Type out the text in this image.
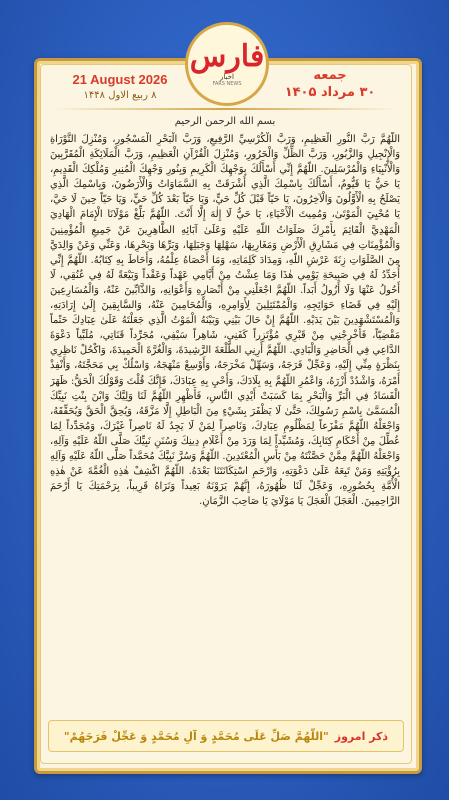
فارس
اخبار
FARS NEWS
21 August 2026
۸ ربیع الاول ۱۴۴۸
جمعه
۳۰ مرداد ۱۴۰۵
بسم الله الرحمن الرحیم
اللّهُمَّ رَبَّ النُّورِ الْعَظِيمِ، وَرَبَّ الْكُرْسِيِّ الرَّفِيعِ، وَرَبَّ الْبَحْرِ الْمَسْجُورِ، وَمُنْزِلَ التَّوْرَاةِ وَالْإِنْجِيلِ وَالزَّبُورِ، وَرَبَّ الظِّلِّ وَالْحَرُورِ، وَمُنْزِلَ الْقُرْآنِ الْعَظِيمِ، وَرَبَّ الْمَلَائِكَةِ الْمُقَرَّبِينَ وَالْأَنْبِيَاءِ وَالْمُرْسَلِينَ. اللّهُمَّ إِنِّي أَسْأَلُكَ بِوَجْهِكَ الْكَرِيمِ وَبِنُورِ وَجْهِكَ الْمُنِيرِ وَمُلْكِكَ الْقَدِيمِ، يَا حَيُّ يَا قَيُّومُ، أَسْأَلُكَ بِاسْمِكَ الَّذِي أَشْرَقَتْ بِهِ السَّمَاوَاتُ وَالْأَرَضُونَ، وَبِاسْمِكَ الَّذِي يَصْلَحُ بِهِ الْأَوَّلُونَ وَالْآخِرُونَ، يَا حَيّاً قَبْلَ كُلِّ حَيٍّ، وَيَا حَيّاً بَعْدَ كُلِّ حَيٍّ، وَيَا حَيّاً حِينَ لَا حَيَّ، يَا مُحْيِيَ الْمَوْتَىٰ، وَمُمِيتَ الْأَحْيَاءِ، يَا حَيُّ لَا إِلٰهَ إِلَّا أَنْتَ. اللّهُمَّ بَلِّغْ مَوْلَانَا الْإِمَامَ الْهَادِيَ الْمَهْدِيَّ الْقَائِمَ بِأَمْرِكَ صَلَوَاتُ اللّهِ عَلَيْهِ وَعَلَىٰ آبَائِهِ الطَّاهِرِينَ عَنْ جَمِيعِ الْمُؤْمِنِينَ وَالْمُؤْمِنَاتِ فِي مَشَارِقِ الْأَرْضِ وَمَغَارِبِهَا، سَهْلِهَا وَجَبَلِهَا، وَبَرِّهَا وَبَحْرِهَا، وَعَنِّي وَعَنْ وَالِدَيَّ مِنَ الصَّلَوَاتِ زِنَةَ عَرْشِ اللّهِ، وَمِدَادَ كَلِمَاتِهِ، وَمَا أَحْصَاهُ عِلْمُهُ، وَأَحَاطَ بِهِ كِتَابُهُ. اللّهُمَّ إِنِّي أُجَدِّدُ لَهُ فِي صَبِيحَةِ يَوْمِي هٰذَا وَمَا عِشْتُ مِنْ أَيَّامِي عَهْداً وَعَقْداً وَبَيْعَةً لَهُ فِي عُنُقِي، لَا أَحُولُ عَنْهَا وَلَا أَزُولُ أَبَداً. اللّهُمَّ اجْعَلْنِي مِنْ أَنْصَارِهِ وَأَعْوَانِهِ، وَالذَّابِّينَ عَنْهُ، وَالْمُسَارِعِينَ إِلَيْهِ فِي قَضَاءِ حَوَائِجِهِ، وَالْمُمْتَثِلِينَ لِأَوَامِرِهِ، وَالْمُحَامِينَ عَنْهُ، وَالسَّابِقِينَ إِلَىٰ إِرَادَتِهِ، وَالْمُسْتَشْهَدِينَ بَيْنَ يَدَيْهِ. اللّهُمَّ إِنْ حَالَ بَيْنِي وَبَيْنَهُ الْمَوْتُ الَّذِي جَعَلْتَهُ عَلَىٰ عِبَادِكَ حَتْماً مَقْضِيّاً، فَأَخْرِجْنِي مِنْ قَبْرِي مُؤْتَزِراً كَفَنِي، شَاهِراً سَيْفِي، مُجَرِّداً قَنَاتِي، مُلَبِّياً دَعْوَةَ الدَّاعِي فِي الْحَاضِرِ وَالْبَادِي. اللّهُمَّ أَرِنِي الطَّلْعَةَ الرَّشِيدَةَ، وَالْغُرَّةَ الْحَمِيدَةَ، وَاكْحُلْ نَاظِرِي بِنَظْرَةٍ مِنِّي إِلَيْهِ، وَعَجِّلْ فَرَجَهُ، وَسَهِّلْ مَخْرَجَهُ، وَأَوْسِعْ مَنْهَجَهُ، وَاسْلُكْ بِي مَحَجَّتَهُ، وَأَنْفِذْ أَمْرَهُ، وَاشْدُدْ أَزْرَهُ، وَاعْمُرِ اللّهُمَّ بِهِ بِلَادَكَ، وَأَحْيِ بِهِ عِبَادَكَ، فَإِنَّكَ قُلْتَ وَقَوْلُكَ الْحَقُّ: ظَهَرَ الْفَسَادُ فِي الْبَرِّ وَالْبَحْرِ بِمَا كَسَبَتْ أَيْدِي النَّاسِ، فَأَظْهِرِ اللّهُمَّ لَنَا وَلِيَّكَ وَابْنَ بِنْتِ نَبِيِّكَ الْمُسَمَّىٰ بِاسْمِ رَسُولِكَ، حَتَّىٰ لَا يَظْفَرَ بِشَيْءٍ مِنَ الْبَاطِلِ إِلَّا مَزَّقَهُ، وَيُحِقَّ الْحَقَّ وَيُحَقِّقَهُ، وَاجْعَلْهُ اللّهُمَّ مَفْزَعاً لِمَظْلُومِ عِبَادِكَ، وَنَاصِراً لِمَنْ لَا يَجِدُ لَهُ نَاصِراً غَيْرَكَ، وَمُجَدِّداً لِمَا عُطِّلَ مِنْ أَحْكَامِ كِتَابِكَ، وَمُشَيِّداً لِمَا وَرَدَ مِنْ أَعْلَامِ دِينِكَ وَسُنَنِ نَبِيِّكَ صَلَّى اللّهُ عَلَيْهِ وَآلِهِ، وَاجْعَلْهُ اللّهُمَّ مِمَّنْ حَصَّنْتَهُ مِنْ بَأْسِ الْمُعْتَدِينَ. اللّهُمَّ وَسُرَّ نَبِيَّكَ مُحَمَّداً صَلَّى اللّهُ عَلَيْهِ وَآلِهِ بِرُؤْيَتِهِ وَمَنْ تَبِعَهُ عَلَىٰ دَعْوَتِهِ، وَارْحَمِ اسْتِكَانَتَنَا بَعْدَهُ. اللّهُمَّ اكْشِفْ هٰذِهِ الْغُمَّةَ عَنْ هٰذِهِ الْأُمَّةِ بِحُضُورِهِ، وَعَجِّلْ لَنَا ظُهُورَهُ، إِنَّهُمْ يَرَوْنَهُ بَعِيداً وَنَرَاهُ قَرِيباً، بِرَحْمَتِكَ يَا أَرْحَمَ الرَّاحِمِينَ. الْعَجَلَ الْعَجَلَ يَا مَوْلَايَ يَا صَاحِبَ الزَّمَانِ.
ذکر امروز
"اللّهُمَّ صَلِّ عَلَى مُحَمَّدٍ وَ آلِ مُحَمَّدٍ وَ عَجِّلْ فَرَجَهُمْ"
